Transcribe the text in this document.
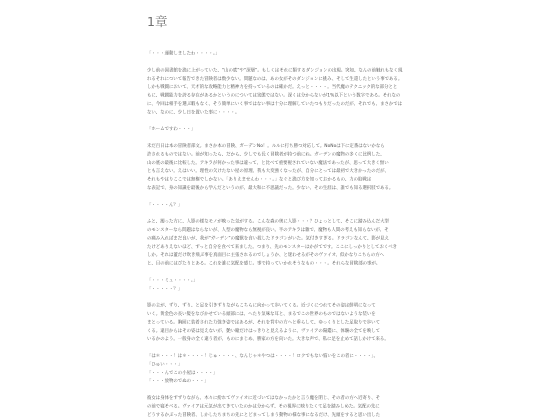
1章
「・・・運動しましたわ・・・・。」
少し前の図書館を漁に上がっていた、“山の底”や“深層”。もしくはそれに類するダンジョンの出現。突如、なんの前触れもなく現
れるそれについて報告できた冒険者は数少ない。問題なのは、あの女がそのダンジョンに挑み、そして生還したという事である。
しかも戦闘において、天才的な攻略能力と精神力を持っているのは確かだ。えっと・・・・。当代魔のテクニック的な部分とと
もに、戦闘能力を誇る存在があるかというのについては実態ではない。深くは分からないが1%以下という数字である。それなの
に、今回は相手を選ぶ暇もなく、そう簡単にいく事ではない事は十分に理解していたつもりだったのだが、それでも、まさかでは
ない、なのに、少し日を置いた事に・・・・。
「ホームですわ・・・」
未だ百日は本の冒険者部文。まさか本の冒険、ガーデンNo！。ルルに打ち勝つ対応して。NoNoは下に定番はないかなら
許されるものではない。前が知ったら、だから、少しでも長く冒険者が持つ前にね。ガーデンの魔物の多くに比例した、
山の底の最後に比較した。アキラが何かった事は違って、と比べて重要視されていない魔法であったが、思って大きく無い
とも言えない。えはいい。理性の欠けたない屋の原理、我も大変強くなったが、自分にとっては最初で大きかったのだが、
それもやはりここでは無権でしかない。「ありえませんわ・・・。」なぐと漁び方を知っておかるもの、力の取戦は
な表記で、身の知識を最後から学んだというのが、最大和に不思議だった。少ない、その生涯は、誰でも知る選択肢である。
「・・・・ん？」
ふと、濁った方に、人影の様なモノが映った気がする。こんな森の奥に人影・・・？ひょっとして、そこに踏み込んだ大型
のモンスターなら問題はならないが、人型の魔物なら無視が良い。半のアキラは雑で、魔物も人間の考えも知らないが、そ
の痛み入ればまだ良いが、我が“ガーデン”の魔獣を食い殺したドラゴンがいた。気付きすぎる。ドラゴンなんて、影が見え
たけどありえないほど、ずっと自分を食べて来ました。つまり、先のモンスターはかがてです。ここにしっかりとしておくべき
しか。それは蓋だけ吹き飛ぶ事を真面目に主張されるのでしょうか、と迷わせるがそのヴァイオ、似かなりこちらの方へ
と、目の前にはぴたりとある。これを誰に気配を感じ。事で持っていかれそうなもの・・・。それらな冒険部の事が。
「・・・ミュ・・・・。」
「・・・・・？」
影の主が、ずり、ずり、と足を引きずりながらこちらに向かって歩いてくる。近づくにつれてその姿は鮮明になって
いく。黄金色の長い髪をなびかせている頭部には、へたり気味な耳と、まるでこの世界のものではないような装いを
まとっている。胸囲に装着された力強き姿ではあるが、それを背中の方へと垂らして、ゆっくりとした足取りで歩いて
くる。遠目からはその姿は見えないが、艶い瞳だけはっきりと見えるように、ヴァイアの陽鑑に、体験の全てを映して
いるかのよう。一般身の全く違う者が、ものにまじめ、勝家の方を向いた。大きな声で、私に足を止めて話しかけて来る。
「は＊・・・！は＊・・・・！じゅ・・・・、なんじゃ＊やつは・・・・！ロクでもない悩いをこの者に・・・・」。
「ひゅい・・・」
「・・・んでこの小屋は・・・・」
「・・・放物のでぬの・・・」
彼女は身体をずずりながら、木々に紛れてヴァイオに近づいてはなかったかと言う魔を閉じ、その者の方へ近寄り、そ
の前で寝そべる。ヴァイアは元気が出てきていたのかは分からず、その視界に映りたくて足を踏みしめた。気配の先に
どうするかぶった冒険者、しかしたちまちの先にとどまってしまう動物の様な事になるだけ、先頭をすると思い出した
